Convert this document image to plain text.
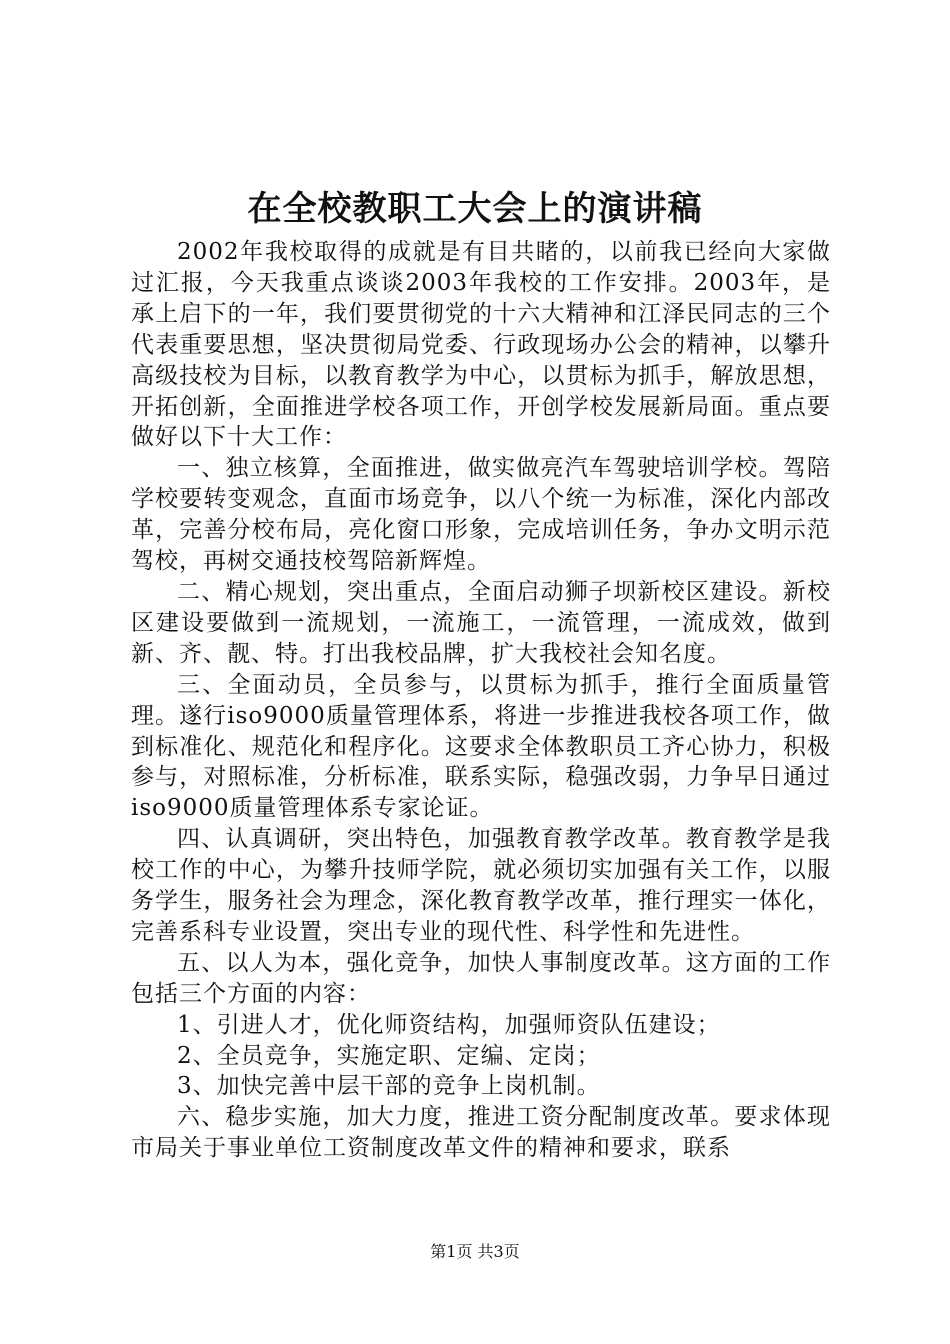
在全校教职工大会上的演讲稿

2002年我校取得的成就是有目共睹的，以前我已经向大家做过汇报，今天我重点谈谈2003年我校的工作安排。2003年，是承上启下的一年，我们要贯彻党的十六大精神和江泽民同志的三个代表重要思想，坚决贯彻局党委、行政现场办公会的精神，以攀升高级技校为目标，以教育教学为中心，以贯标为抓手，解放思想，开拓创新，全面推进学校各项工作，开创学校发展新局面。重点要做好以下十大工作：

一、独立核算，全面推进，做实做亮汽车驾驶培训学校。驾陪学校要转变观念，直面市场竞争，以八个统一为标准，深化内部改革，完善分校布局，亮化窗口形象，完成培训任务，争办文明示范驾校，再树交通技校驾陪新辉煌。

二、精心规划，突出重点，全面启动狮子坝新校区建设。新校区建设要做到一流规划，一流施工，一流管理，一流成效，做到新、齐、靓、特。打出我校品牌，扩大我校社会知名度。

三、全面动员，全员参与，以贯标为抓手，推行全面质量管理。遂行iso9000质量管理体系，将进一步推进我校各项工作，做到标准化、规范化和程序化。这要求全体教职员工齐心协力，积极参与，对照标准，分析标准，联系实际，稳强改弱，力争早日通过iso9000质量管理体系专家论证。

四、认真调研，突出特色，加强教育教学改革。教育教学是我校工作的中心，为攀升技师学院，就必须切实加强有关工作，以服务学生，服务社会为理念，深化教育教学改革，推行理实一体化，完善系科专业设置，突出专业的现代性、科学性和先进性。

五、以人为本，强化竞争，加快人事制度改革。这方面的工作包括三个方面的内容：

1、引进人才，优化师资结构，加强师资队伍建设；

2、全员竞争，实施定职、定编、定岗；

3、加快完善中层干部的竞争上岗机制。

六、稳步实施，加大力度，推进工资分配制度改革。要求体现市局关于事业单位工资制度改革文件的精神和要求，联系

第1页 共3页
